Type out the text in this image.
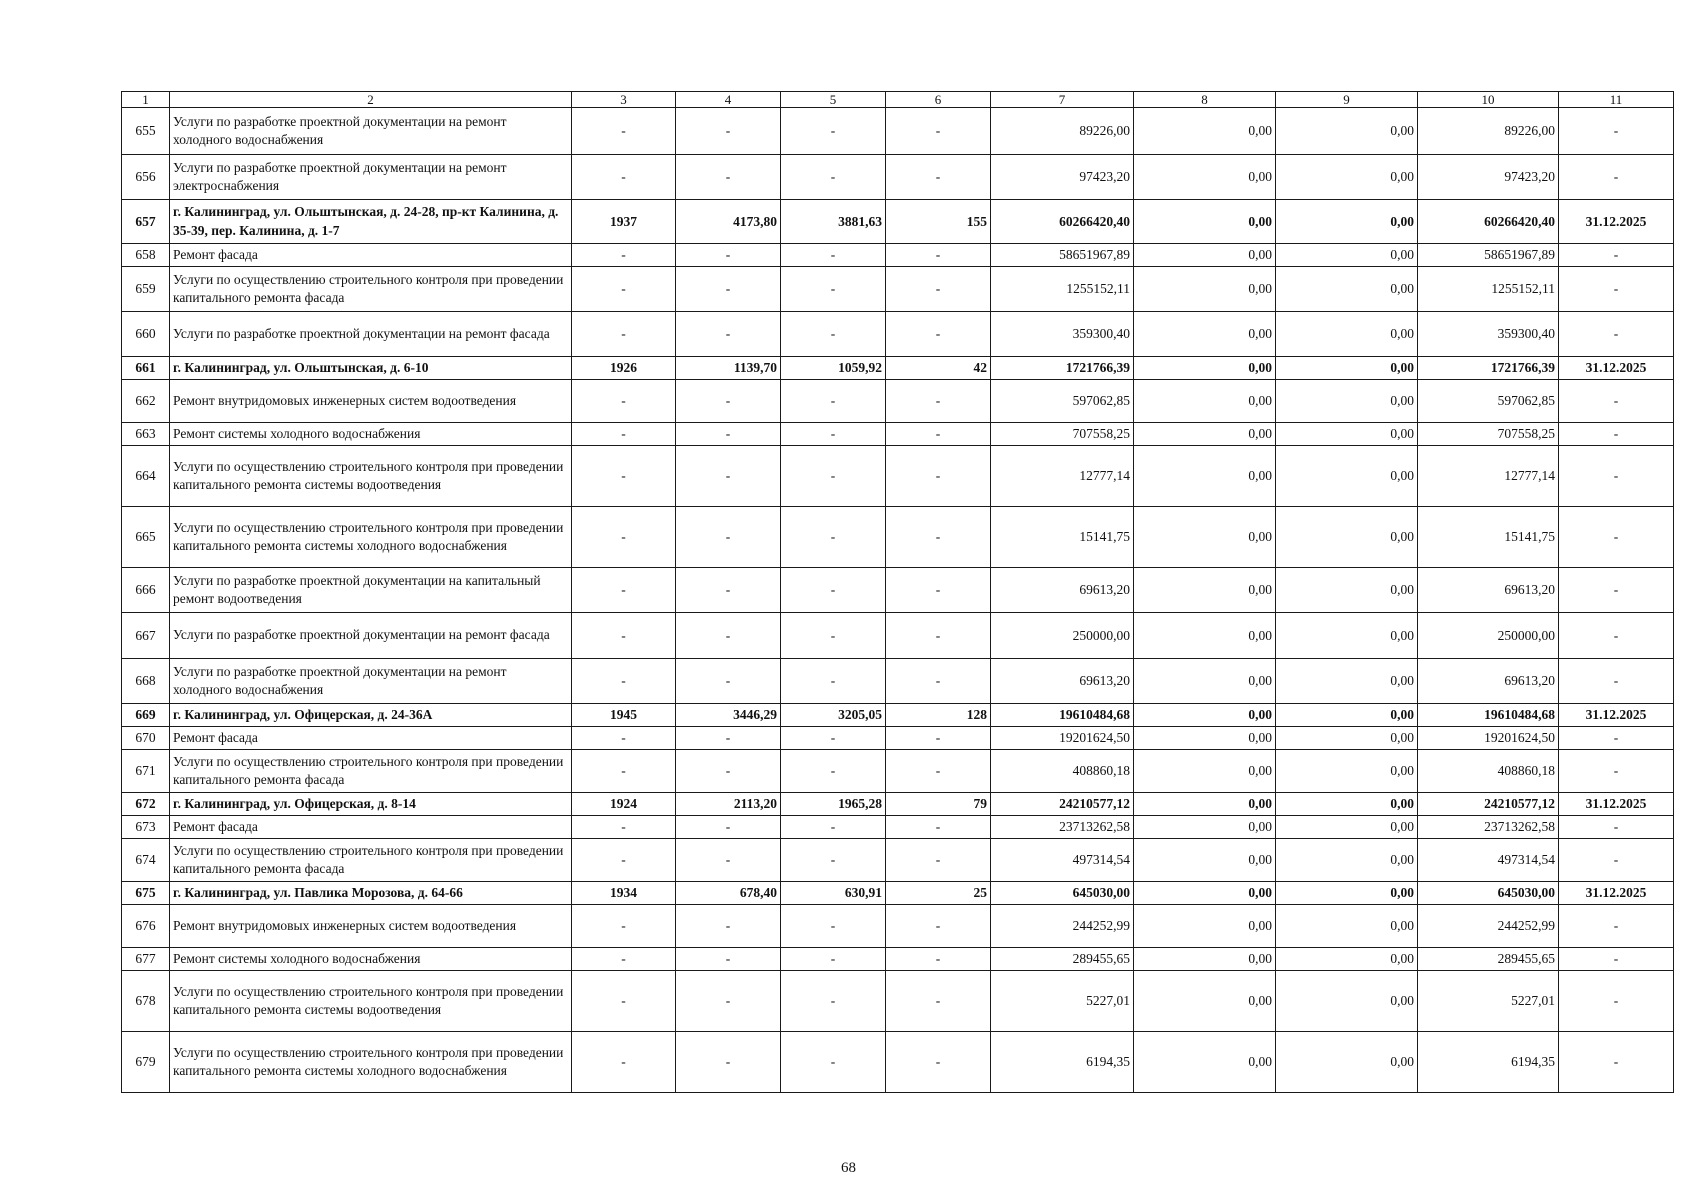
1	2	3	4	5	6	7	8	9	10	11
655	Услуги по разработке проектной документации на ремонт холодного водоснабжения	-	-	-	-	89226,00	0,00	0,00	89226,00	-
656	Услуги по разработке проектной документации на ремонт электроснабжения	-	-	-	-	97423,20	0,00	0,00	97423,20	-
657	г. Калининград, ул. Ольштынская, д. 24-28, пр-кт Калинина, д. 35-39, пер. Калинина, д. 1-7	1937	4173,80	3881,63	155	60266420,40	0,00	0,00	60266420,40	31.12.2025
658	Ремонт фасада	-	-	-	-	58651967,89	0,00	0,00	58651967,89	-
659	Услуги по осуществлению строительного контроля при проведении капитального ремонта фасада	-	-	-	-	1255152,11	0,00	0,00	1255152,11	-
660	Услуги по разработке проектной документации на ремонт фасада	-	-	-	-	359300,40	0,00	0,00	359300,40	-
661	г. Калининград, ул. Ольштынская, д. 6-10	1926	1139,70	1059,92	42	1721766,39	0,00	0,00	1721766,39	31.12.2025
662	Ремонт внутридомовых инженерных систем водоотведения	-	-	-	-	597062,85	0,00	0,00	597062,85	-
663	Ремонт системы холодного водоснабжения	-	-	-	-	707558,25	0,00	0,00	707558,25	-
664	Услуги по осуществлению строительного контроля при проведении капитального ремонта системы водоотведения	-	-	-	-	12777,14	0,00	0,00	12777,14	-
665	Услуги по осуществлению строительного контроля при проведении капитального ремонта системы холодного водоснабжения	-	-	-	-	15141,75	0,00	0,00	15141,75	-
666	Услуги по разработке проектной документации на капитальный ремонт водоотведения	-	-	-	-	69613,20	0,00	0,00	69613,20	-
667	Услуги по разработке проектной документации на ремонт фасада	-	-	-	-	250000,00	0,00	0,00	250000,00	-
668	Услуги по разработке проектной документации на ремонт холодного водоснабжения	-	-	-	-	69613,20	0,00	0,00	69613,20	-
669	г. Калининград, ул. Офицерская, д. 24-36А	1945	3446,29	3205,05	128	19610484,68	0,00	0,00	19610484,68	31.12.2025
670	Ремонт фасада	-	-	-	-	19201624,50	0,00	0,00	19201624,50	-
671	Услуги по осуществлению строительного контроля при проведении капитального ремонта фасада	-	-	-	-	408860,18	0,00	0,00	408860,18	-
672	г. Калининград, ул. Офицерская, д. 8-14	1924	2113,20	1965,28	79	24210577,12	0,00	0,00	24210577,12	31.12.2025
673	Ремонт фасада	-	-	-	-	23713262,58	0,00	0,00	23713262,58	-
674	Услуги по осуществлению строительного контроля при проведении капитального ремонта фасада	-	-	-	-	497314,54	0,00	0,00	497314,54	-
675	г. Калининград, ул. Павлика Морозова, д. 64-66	1934	678,40	630,91	25	645030,00	0,00	0,00	645030,00	31.12.2025
676	Ремонт внутридомовых инженерных систем водоотведения	-	-	-	-	244252,99	0,00	0,00	244252,99	-
677	Ремонт системы холодного водоснабжения	-	-	-	-	289455,65	0,00	0,00	289455,65	-
678	Услуги по осуществлению строительного контроля при проведении капитального ремонта системы водоотведения	-	-	-	-	5227,01	0,00	0,00	5227,01	-
679	Услуги по осуществлению строительного контроля при проведении капитального ремонта системы холодного водоснабжения	-	-	-	-	6194,35	0,00	0,00	6194,35	-
68
